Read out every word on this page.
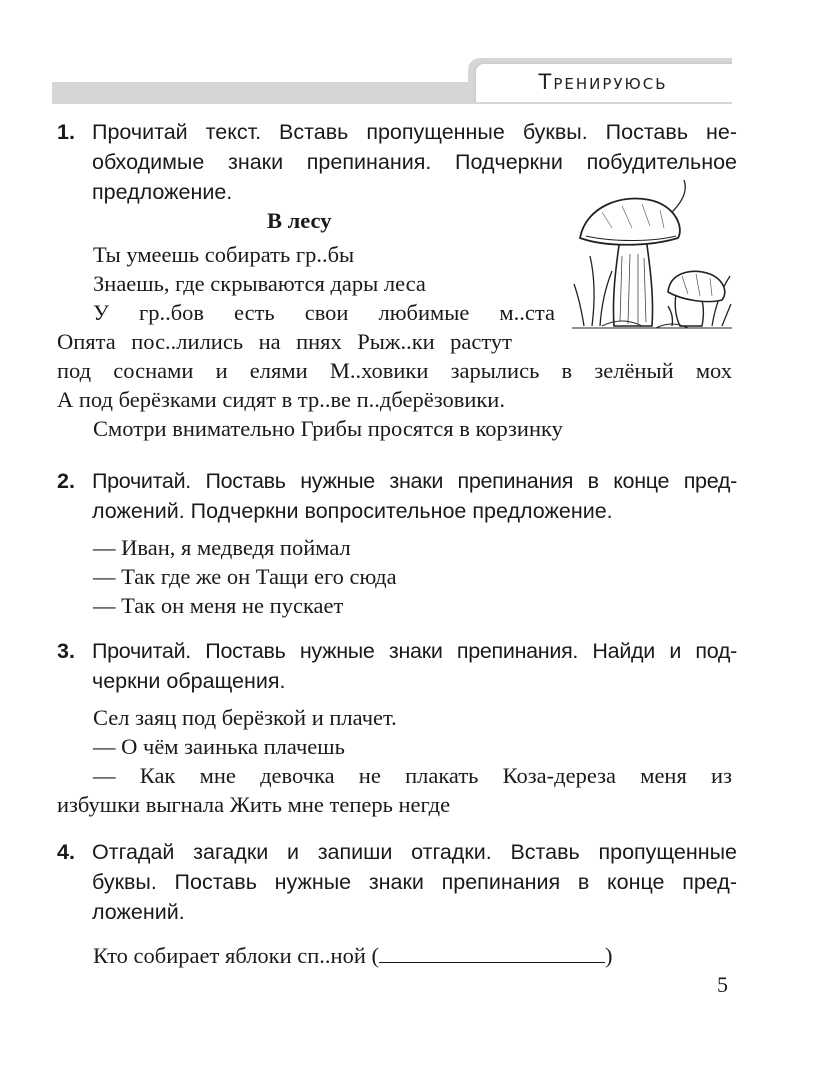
Тренируюсь
1. Прочитай текст. Вставь пропущенные буквы. Поставь не-
обходимые знаки препинания. Подчеркни побудительное
предложение.
В лесу
Ты умеешь собирать гр..бы
Знаешь, где скрываются дары леса
У гр..бов есть свои любимые м..ста
Опята пос..лились на пнях Рыж..ки растут
под соснами и елями М..ховики зарылись в зелёный мох
А под берёзками сидят в тр..ве п..дберёзовики.
Смотри внимательно Грибы просятся в корзинку
2. Прочитай. Поставь нужные знаки препинания в конце пред-
ложений. Подчеркни вопросительное предложение.
— Иван, я медведя поймал
— Так где же он Тащи его сюда
— Так он меня не пускает
3. Прочитай. Поставь нужные знаки препинания. Найди и под-
черкни обращения.
Сел заяц под берёзкой и плачет.
— О чём заинька плачешь
— Как мне девочка не плакать Коза-дереза меня из
избушки выгнала Жить мне теперь негде
4. Отгадай загадки и запиши отгадки. Вставь пропущенные
буквы. Поставь нужные знаки препинания в конце пред-
ложений.
Кто собирает яблоки сп..ной (	)
5
